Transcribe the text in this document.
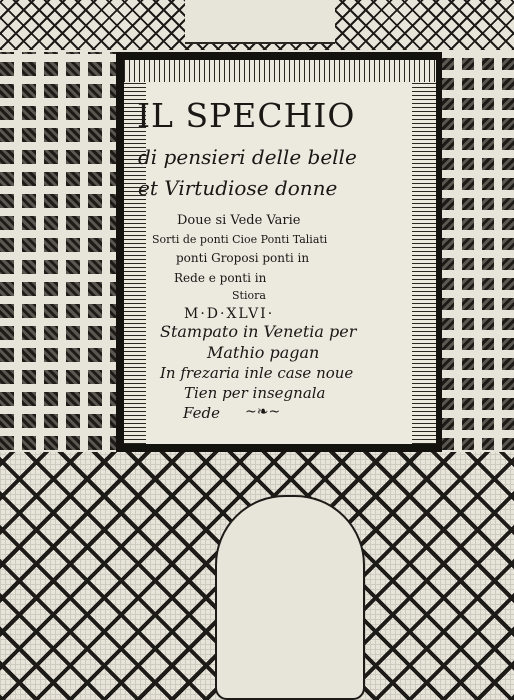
IL SPECHIO
di pensieri delle belle
et Virtudiose donne
Doue si Vede Varie
Sorti de ponti Cioe Ponti Taliati
ponti Groposi ponti in
Rede e ponti in
Stiora
M·D·XLVI·
Stampato in Venetia per
Mathio pagan
In frezaria inle case noue
Tien per insegnala
Fede ~❧~
